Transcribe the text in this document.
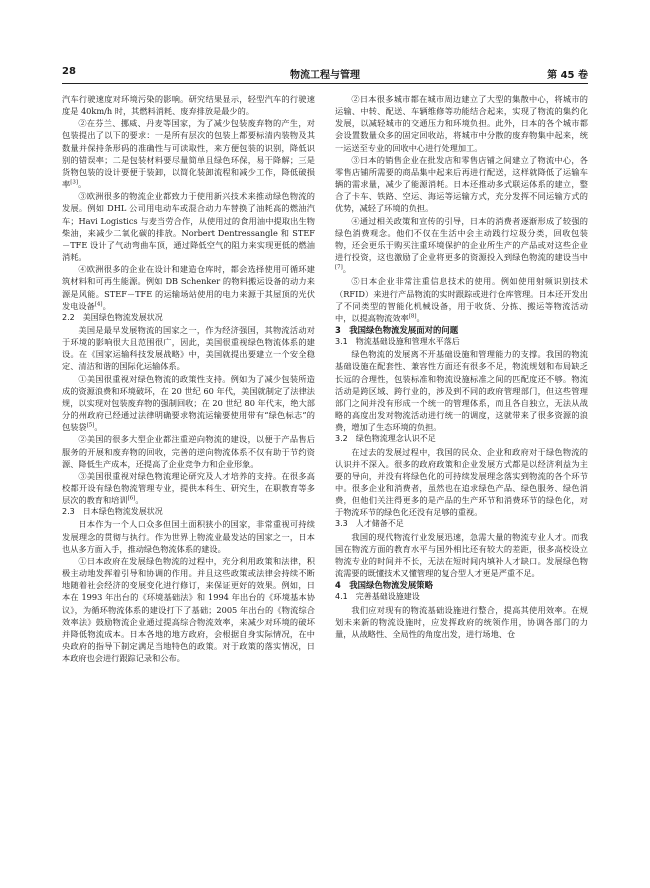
28	物流工程与管理	第 45 卷

汽车行驶速度对环境污染的影响。研究结果显示，轻型汽车的行驶速度是 40km/h 时，其燃料消耗、废弃排放是最少的。

②在芬兰、挪威、丹麦等国家，为了减少包装废弃物的产生，对包装提出了以下的要求：一是所有层次的包装上都要标清内装物及其数量并保持条形码的准确性与可读取性，来方便包装的识别，降低识别的错误率；二是包装材料要尽量简单且绿色环保，易于降解；三是货物包装的设计要便于装卸，以简化装卸流程和减少工作，降低破损率[3]。

③欧洲很多的物流企业都致力于使用新兴技术来推动绿色物流的发展。例如 DHL 公司用电动车或混合动力车替换了油耗高的燃油汽车；Havi Logistics 与麦当劳合作，从使用过的食用油中提取出生物柴油，来减少二氧化碳的排放。Norbert Dentressangle 和 STEF－TFE 设计了气动弯曲车顶，通过降低空气的阻力来实现更低的燃油消耗。

④欧洲很多的企业在设计和建造仓库时，都会选择使用可循环建筑材料和可再生能源。例如 DB Schenker 的物料搬运设备的动力来源是风能。STEF－TFE 的运输场站使用的电力来源于其屋顶的光伏发电设备[4]。

2.2　美国绿色物流发展状况

美国是最早发展物流的国家之一，作为经济强国，其物流活动对于环境的影响很大且范围很广，因此，美国很重视绿色物流体系的建设。在《国家运输科技发展战略》中，美国就提出要建立一个安全稳定、清洁和谐的国际化运输体系。

①美国很重视对绿色物流的政策性支持。例如为了减少包装所造成的资源浪费和环境破坏，在 20 世纪 60 年代，美国就制定了法律法规，以实现对包装废弃物的强制回收；在 20 世纪 80 年代末，绝大部分的州政府已经通过法律明确要求物流运输要使用带有“绿色标志”的包装袋[5]。

②美国的很多大型企业都注重逆向物流的建设，以便于产品售后服务的开展和废弃物的回收，完善的逆向物流体系不仅有助于节约资源、降低生产成本，还提高了企业竞争力和企业形象。

③美国很重视对绿色物流理论研究及人才培养的支持。在很多高校都开设有绿色物流管理专业，提供本科生、研究生，在职教育等多层次的教育和培训[6]。

2.3　日本绿色物流发展状况

日本作为一个人口众多但国土面积狭小的国家，非常重视可持续发展理念的贯彻与执行。作为世界上物流业最发达的国家之一，日本也从多方面入手，推动绿色物流体系的建设。

①日本政府在发展绿色物流的过程中，充分利用政策和法律，积极主动地发挥着引导和协调的作用。并且这些政策或法律会持续不断地随着社会经济的变展变化进行修订，来保证更好的效果。例如，日本在 1993 年出台的《环境基础法》和 1994 年出台的《环境基本协议》，为循环物流体系的建设打下了基础；2005 年出台的《物流综合效率法》鼓励物流企业通过提高综合物流效率，来减少对环境的破坏并降低物流成本。日本各地的地方政府，会根据自身实际情况，在中央政府的指导下制定满足当地特色的政策。对于政策的落实情况，日本政府也会进行跟踪记录和公布。

②日本很多城市都在城市周边建立了大型的集散中心，将城市的运输、中转、配送、车辆维修等功能结合起来，实现了物流的集约化发展，以减轻城市的交通压力和环境负担。此外，日本的各个城市都会设置数量众多的固定回收站，将城市中分散的废弃物集中起来，统一运送至专业的回收中心进行处理加工。

③日本的销售企业在批发店和零售店铺之间建立了物流中心，各零售店铺所需要的商品集中起来后再进行配送，这样就降低了运输车辆的需求量，减少了能源消耗。日本还推动多式联运体系的建立，整合了卡车、铁路、空运、海运等运输方式，充分发挥不同运输方式的优势，减轻了环境的负担。

④通过相关政策和宣传的引导，日本的消费者逐渐形成了较强的绿色消费观念。他们不仅在生活中会主动践行垃圾分类，回收包装物，还会更乐于购买注重环境保护的企业所生产的产品或对这些企业进行投资，这也激励了企业将更多的资源投入到绿色物流的建设当中[7]。

⑤日本企业非常注重信息技术的使用。例如使用射频识别技术（RFID）来进行产品物流的实时跟踪或进行仓库管理。日本还开发出了不同类型的智能化机械设备，用于收货、分拣、搬运等物流活动中，以提高物流效率[8]。

3　我国绿色物流发展面对的问题
3.1　物流基础设施和管理水平落后

绿色物流的发展离不开基础设施和管理能力的支撑。我国的物流基础设施在配套性、兼容性方面还有很多不足，物流规划和布局缺乏长远的合理性，包装标准和物流设施标准之间的匹配度还不够。物流活动是跨区域、跨行业的，涉及到不同的政府管理部门，但这些管理部门之间并没有形成一个统一的管理体系，而且各自独立，无法从战略的高度出发对物流活动进行统一的调度，这就带来了很多资源的浪费，增加了生态环境的负担。

3.2　绿色物流理念认识不足

在过去的发展过程中，我国的民众、企业和政府对于绿色物流的认识并不深入。很多的政府政策和企业发展方式都是以经济利益为主要的导向，并没有将绿色化的可持续发展理念落实到物流的各个环节中。很多企业和消费者，虽然也在追求绿色产品、绿色服务、绿色消费，但他们关注得更多的是产品的生产环节和消费环节的绿色化，对于物流环节的绿色化还没有足够的重视。

3.3　人才储备不足

我国的现代物流行业发展迅速，急需大量的物流专业人才。而我国在物流方面的教育水平与国外相比还有较大的差距，很多高校设立物流专业的时间并不长，无法在短时间内填补人才缺口。发展绿色物流需要的既懂技术又懂管理的复合型人才更是严重不足。

4　我国绿色物流发展策略
4.1　完善基础设施建设

我们应对现有的物流基础设施进行整合，提高其使用效率。在规划未来新的物流设施时，应发挥政府的统领作用，协调各部门的力量，从战略性、全局性的角度出发，进行场地、仓
